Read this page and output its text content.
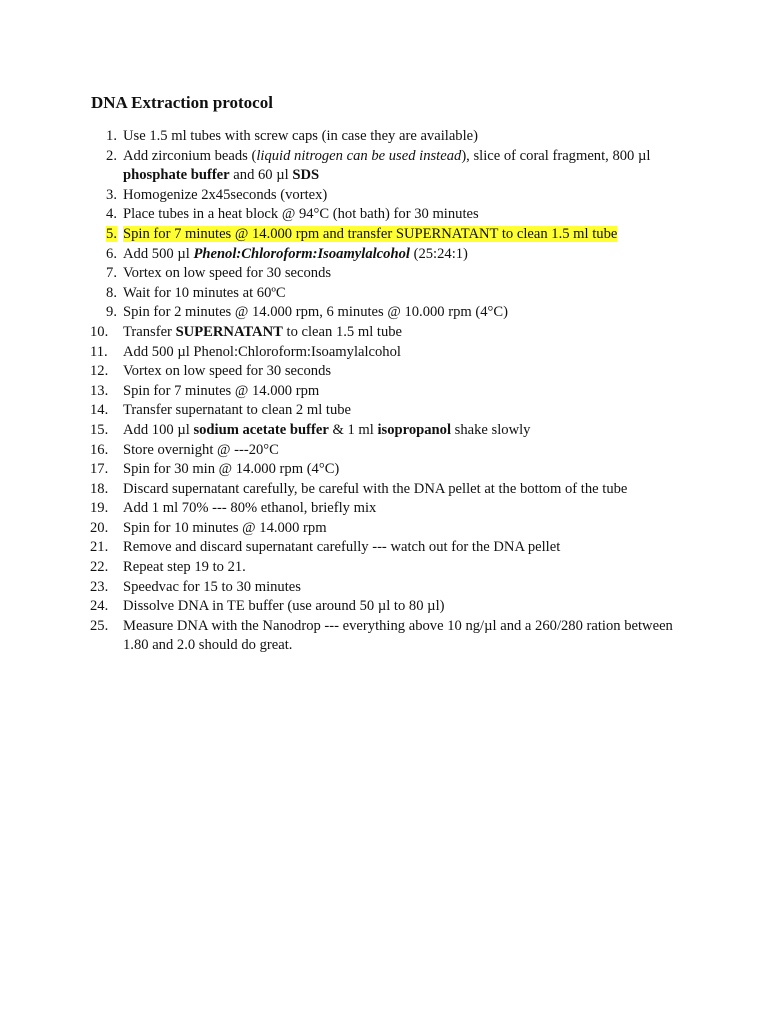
DNA Extraction protocol
1. Use 1.5 ml tubes with screw caps (in case they are available)
2. Add zirconium beads (liquid nitrogen can be used instead), slice of coral fragment, 800 µl phosphate buffer and 60 µl SDS
3. Homogenize 2x45seconds (vortex)
4. Place tubes in a heat block @ 94°C (hot bath) for 30 minutes
5. Spin for 7 minutes @ 14.000 rpm and transfer SUPERNATANT to clean 1.5 ml tube
6. Add 500 µl Phenol:Chloroform:Isoamylalcohol (25:24:1)
7. Vortex on low speed for 30 seconds
8. Wait for 10 minutes at 60ºC
9. Spin for 2 minutes @ 14.000 rpm, 6 minutes @ 10.000 rpm (4°C)
10.	Transfer SUPERNATANT to clean 1.5 ml tube
11.	Add 500 µl Phenol:Chloroform:Isoamylalcohol
12.	Vortex on low speed for 30 seconds
13.	Spin for 7 minutes @ 14.000 rpm
14.	Transfer supernatant to clean 2 ml tube
15.	Add 100 µl sodium acetate buffer & 1 ml isopropanol shake slowly
16.	Store overnight @ ---20°C
17.	Spin for 30 min @ 14.000 rpm (4°C)
18.	Discard supernatant carefully, be careful with the DNA pellet at the bottom of the tube
19.	Add 1 ml 70% --- 80% ethanol, briefly mix
20.	Spin for 10 minutes @ 14.000 rpm
21.	Remove and discard supernatant carefully --- watch out for the DNA pellet
22.	Repeat step 19 to 21.
23.	Speedvac for 15 to 30 minutes
24.	Dissolve DNA in TE buffer (use around 50 µl to 80 µl)
25.	Measure DNA with the Nanodrop --- everything above 10 ng/µl and a 260/280 ration between 1.80 and 2.0 should do great.
